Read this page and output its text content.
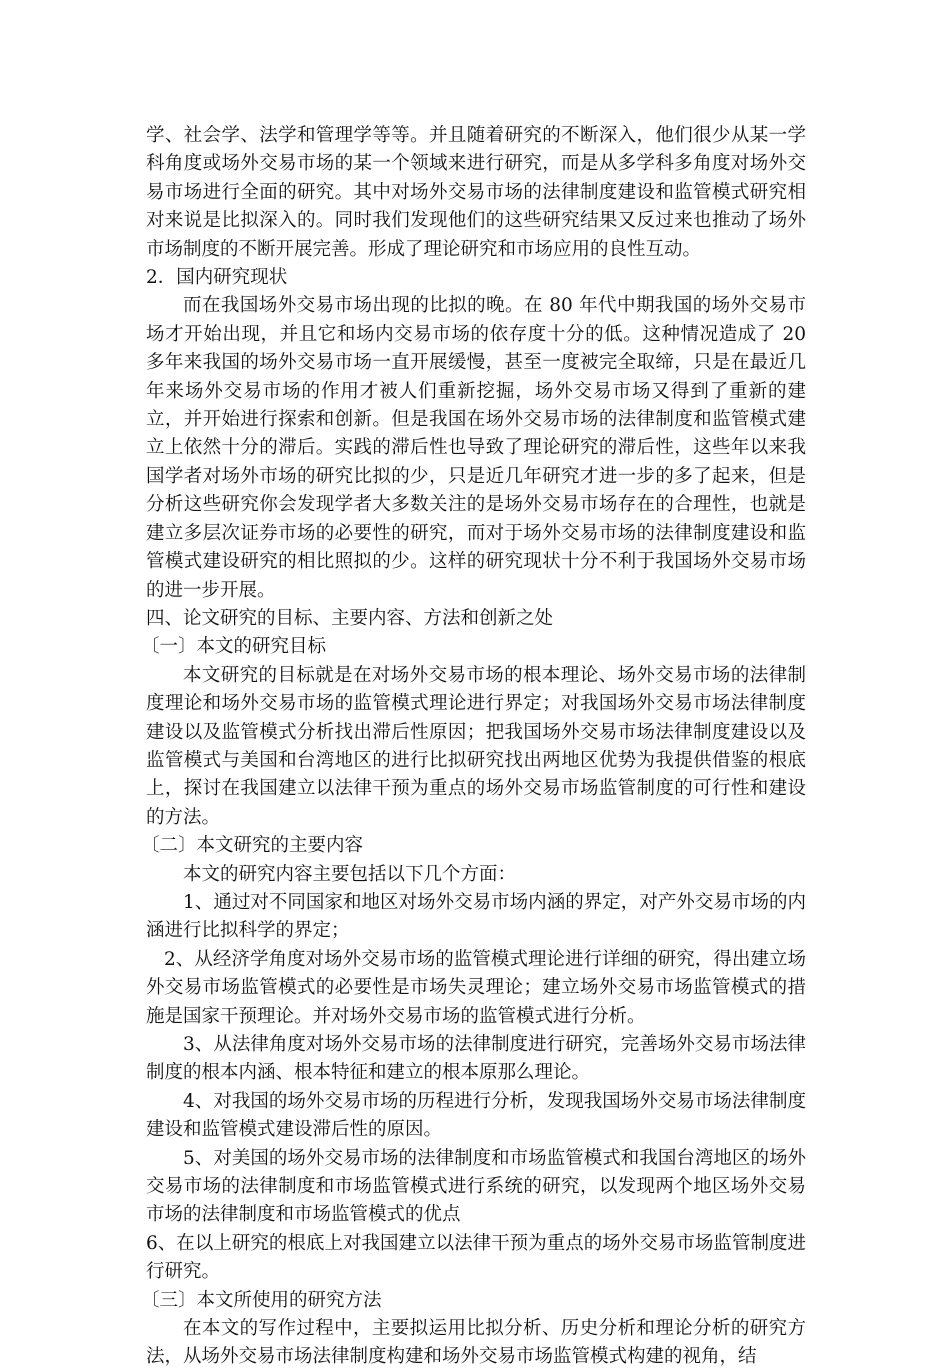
学、社会学、法学和管理学等等。并且随着研究的不断深入，他们很少从某一学科角度或场外交易市场的某一个领域来进行研究，而是从多学科多角度对场外交易市场进行全面的研究。其中对场外交易市场的法律制度建设和监管模式研究相对来说是比拟深入的。同时我们发现他们的这些研究结果又反过来也推动了场外市场制度的不断开展完善。形成了理论研究和市场应用的良性互动。

2．国内研究现状

而在我国场外交易市场出现的比拟的晚。在 80 年代中期我国的场外交易市场才开始出现，并且它和场内交易市场的依存度十分的低。这种情况造成了 20 多年来我国的场外交易市场一直开展缓慢，甚至一度被完全取缔，只是在最近几年来场外交易市场的作用才被人们重新挖掘，场外交易市场又得到了重新的建立，并开始进行探索和创新。但是我国在场外交易市场的法律制度和监管模式建立上依然十分的滞后。实践的滞后性也导致了理论研究的滞后性，这些年以来我国学者对场外市场的研究比拟的少，只是近几年研究才进一步的多了起来，但是分析这些研究你会发现学者大多数关注的是场外交易市场存在的合理性，也就是建立多层次证券市场的必要性的研究，而对于场外交易市场的法律制度建设和监管模式建设研究的相比照拟的少。这样的研究现状十分不利于我国场外交易市场的进一步开展。

四、论文研究的目标、主要内容、方法和创新之处

〔一〕本文的研究目标

本文研究的目标就是在对场外交易市场的根本理论、场外交易市场的法律制度理论和场外交易市场的监管模式理论进行界定；对我国场外交易市场法律制度建设以及监管模式分析找出滞后性原因；把我国场外交易市场法律制度建设以及监管模式与美国和台湾地区的进行比拟研究找出两地区优势为我提供借鉴的根底上，探讨在我国建立以法律干预为重点的场外交易市场监管制度的可行性和建设的方法。

〔二〕本文研究的主要内容

本文的研究内容主要包括以下几个方面：

1、通过对不同国家和地区对场外交易市场内涵的界定，对产外交易市场的内涵进行比拟科学的界定；

2、从经济学角度对场外交易市场的监管模式理论进行详细的研究，得出建立场外交易市场监管模式的必要性是市场失灵理论；建立场外交易市场监管模式的措施是国家干预理论。并对场外交易市场的监管模式进行分析。

3、从法律角度对场外交易市场的法律制度进行研究，完善场外交易市场法律制度的根本内涵、根本特征和建立的根本原那么理论。

4、对我国的场外交易市场的历程进行分析，发现我国场外交易市场法律制度建设和监管模式建设滞后性的原因。

5、对美国的场外交易市场的法律制度和市场监管模式和我国台湾地区的场外交易市场的法律制度和市场监管模式进行系统的研究，以发现两个地区场外交易市场的法律制度和市场监管模式的优点

6、在以上研究的根底上对我国建立以法律干预为重点的场外交易市场监管制度进行研究。

〔三〕本文所使用的研究方法

在本文的写作过程中，主要拟运用比拟分析、历史分析和理论分析的研究方法，从场外交易市场法律制度构建和场外交易市场监管模式构建的视角，结
